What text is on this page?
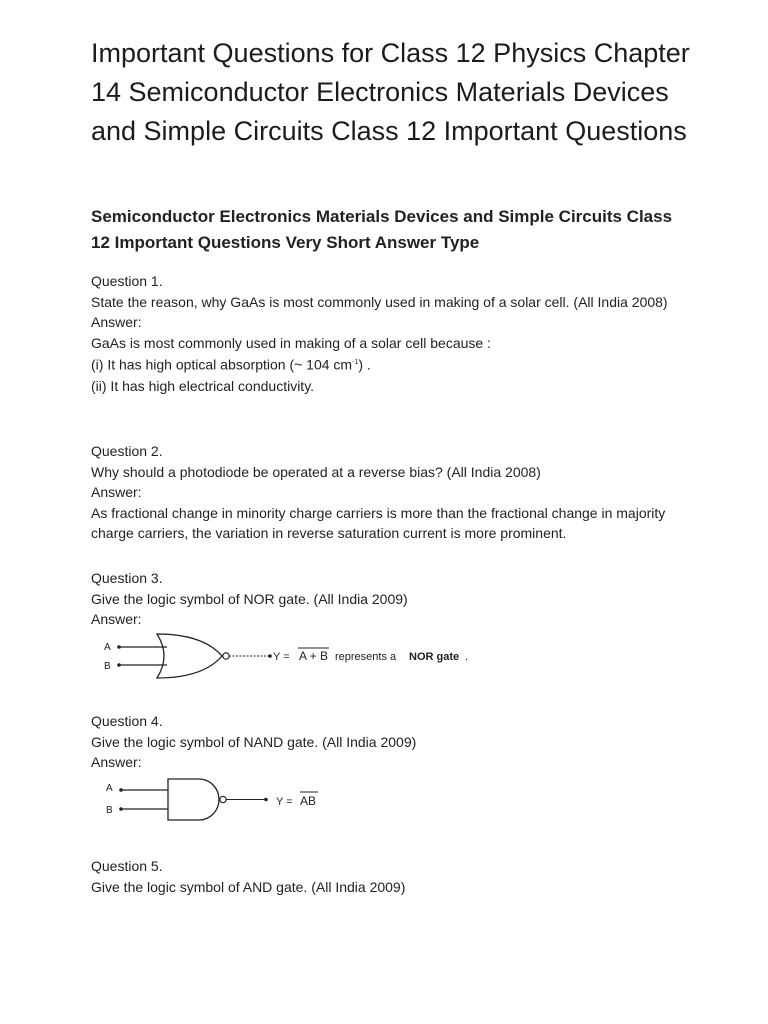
Important Questions for Class 12 Physics Chapter 14 Semiconductor Electronics Materials Devices and Simple Circuits Class 12 Important Questions
Semiconductor Electronics Materials Devices and Simple Circuits Class 12 Important Questions Very Short Answer Type

Question 1.

State the reason, why GaAs is most commonly used in making of a solar cell. (All India 2008)

Answer:

GaAs is most commonly used in making of a solar cell because :

(i) It has high optical absorption (~ 104 $cm^{-1}$) .

(ii) It has high electrical conductivity.

Question 2.

Why should a photodiode be operated at a reverse bias? (All India 2008)

Answer:

As fractional change in minority charge carriers is more than the fractional change in majority charge carriers, the variation in reverse saturation current is more prominent.

Question 3.

Give the logic symbol of NOR gate. (All India 2009)

Answer:

A
B
Y = A + B represents a NOR gate .

Question 4.

Give the logic symbol of NAND gate. (All India 2009)

Answer:

A
B
Y = AB

Question 5.

Give the logic symbol of AND gate. (All India 2009)
